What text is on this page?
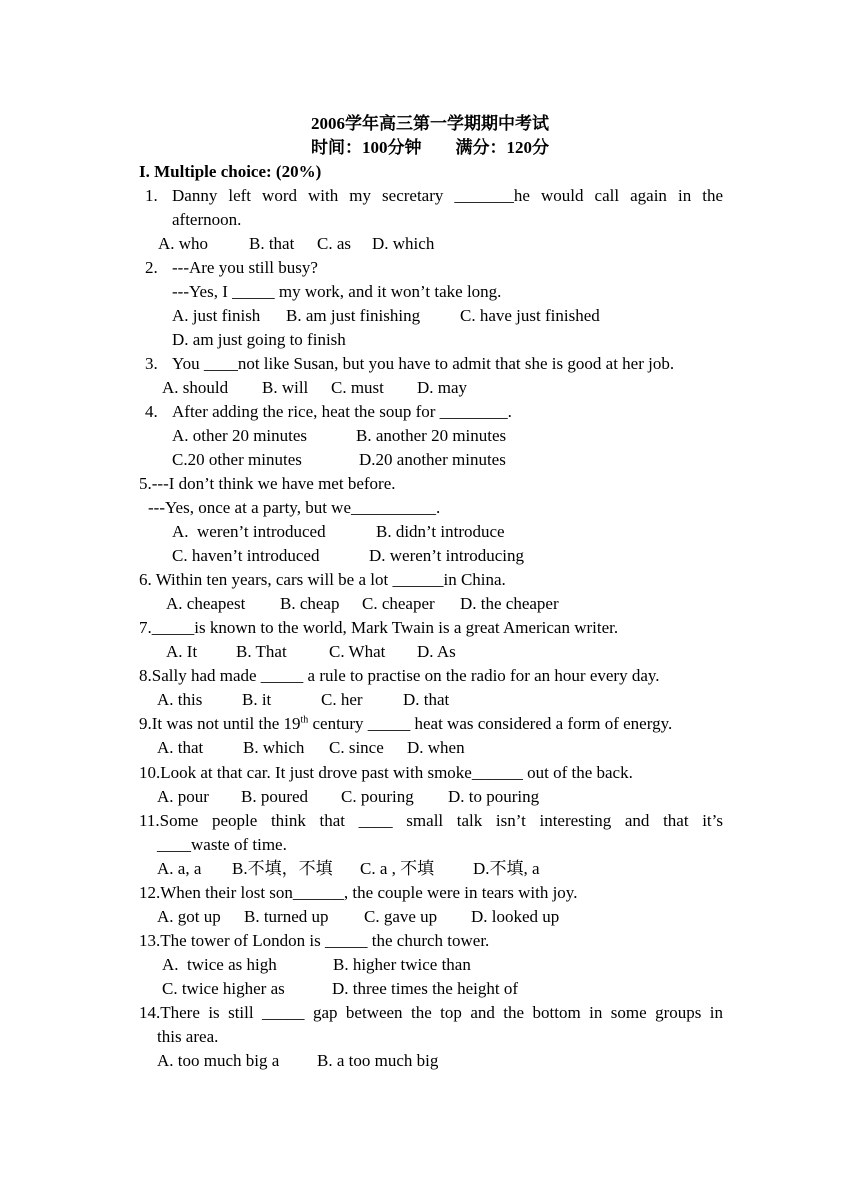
2006学年高三第一学期期中考试
时间：100分钟        满分：120分
I. Multiple choice: (20%)
1. Danny left word with my secretary _______he would call again in the
afternoon.
A. who B. that C. as D. which
2. ---Are you still busy?
---Yes, I _____ my work, and it won’t take long.
A. just finish B. am just finishing C. have just finished
D. am just going to finish
3. You ____not like Susan, but you have to admit that she is good at her job.
A. should B. will C. must D. may
4. After adding the rice, heat the soup for ________.
A. other 20 minutes	B. another 20 minutes
C.20 other minutes	D.20 another minutes
5.---I don’t think we have met before.
---Yes, once at a party, but we__________.
A.  weren’t introduced	B. didn’t introduce
C. haven’t introduced	D. weren’t introducing
6. Within ten years, cars will be a lot ______in China.
A. cheapest B. cheap C. cheaper D. the cheaper
7._____is known to the world, Mark Twain is a great American writer.
A. It B. That C. What D. As
8.Sally had made _____ a rule to practise on the radio for an hour every day.
A. this B. it	C. her D. that
9.It was not until the 19th century _____ heat was considered a form of energy.
A. that B. which C. since D. when
10.Look at that car. It just drove past with smoke______ out of the back.
A. pour B. poured C. pouring D. to pouring
11.Some people think that ____ small talk isn’t interesting and that it’s
____waste of time.
A. a, a B.不填，不填 C. a , 不填 D.不填, a
12.When their lost son______, the couple were in tears with joy.
A. got up B. turned up C. gave up D. looked up
13.The tower of London is _____ the church tower.
A.  twice as high	B. higher twice than
C. twice higher as	D. three times the height of
14.There is still _____ gap between the top and the bottom in some groups in
this area.
A. too much big a B. a too much big
